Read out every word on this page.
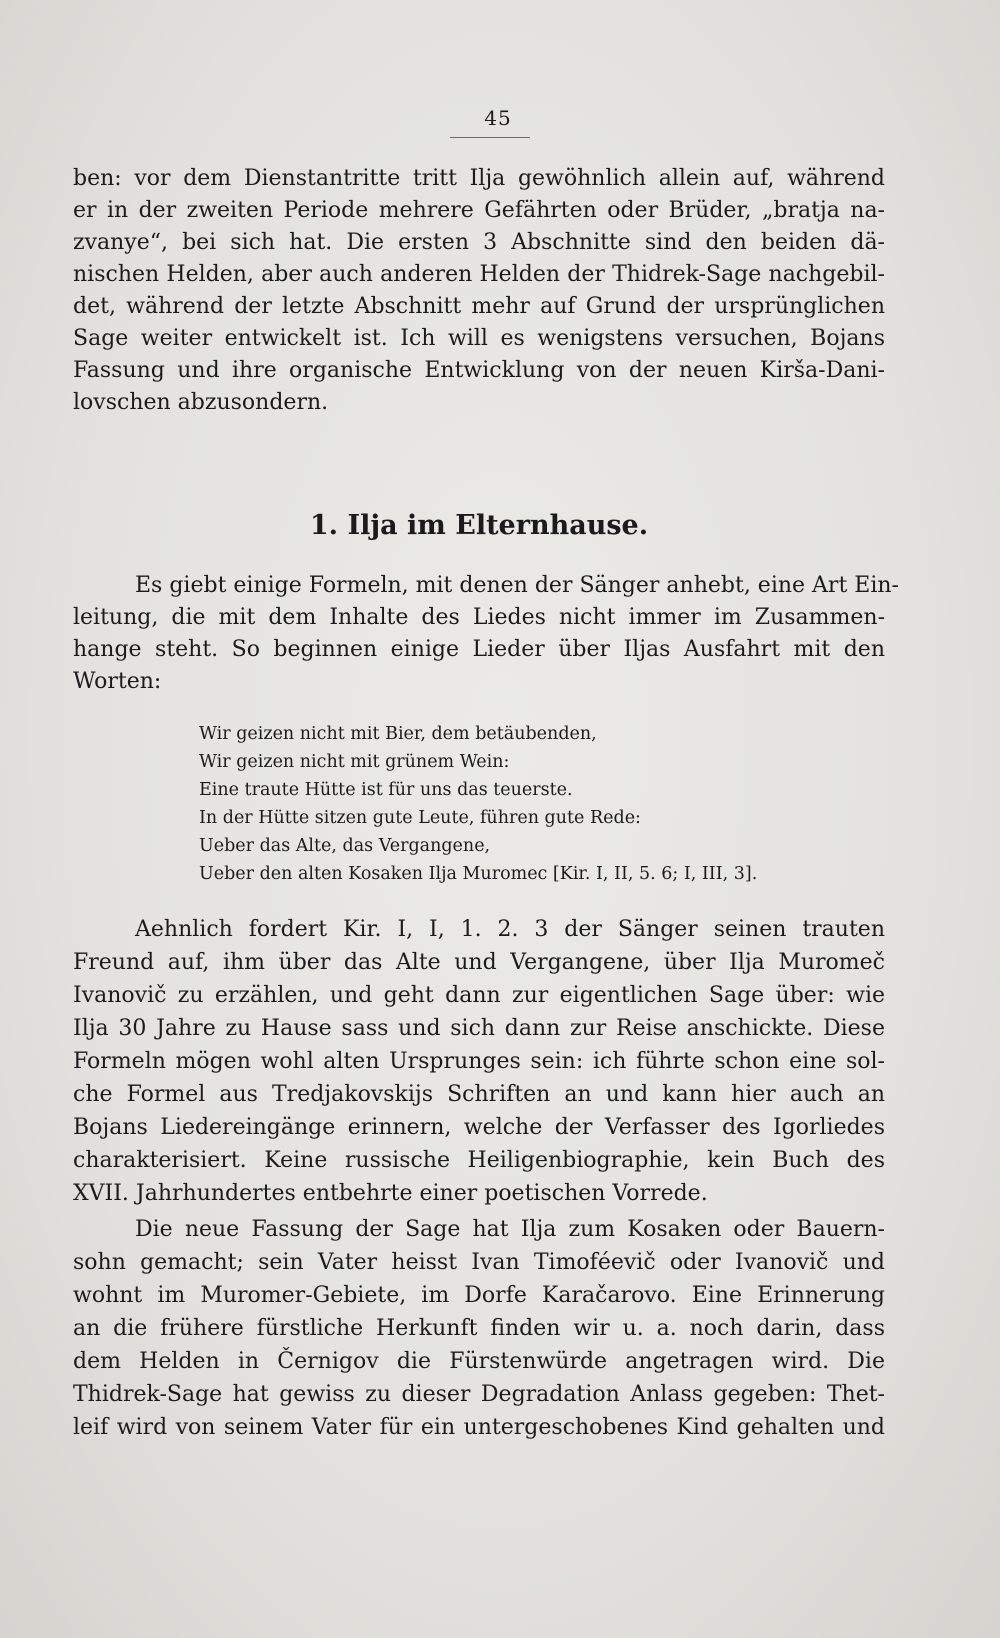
45
ben: vor dem Dienstantritte tritt Ilja gewöhnlich allein auf, während
er in der zweiten Periode mehrere Gefährten oder Brüder, „bratja na-
zvanye“, bei sich hat. Die ersten 3 Abschnitte sind den beiden dä-
nischen Helden, aber auch anderen Helden der Thidrek-Sage nachgebil-
det, während der letzte Abschnitt mehr auf Grund der ursprünglichen
Sage weiter entwickelt ist. Ich will es wenigstens versuchen, Bojans
Fassung und ihre organische Entwicklung von der neuen Kirša-Dani-
lovschen abzusondern.
1. Ilja im Elternhause.
Es giebt einige Formeln, mit denen der Sänger anhebt, eine Art Ein-
leitung, die mit dem Inhalte des Liedes nicht immer im Zusammen-
hange steht. So beginnen einige Lieder über Iljas Ausfahrt mit den
Worten:
Wir geizen nicht mit Bier, dem betäubenden,
Wir geizen nicht mit grünem Wein:
Eine traute Hütte ist für uns das teuerste.
In der Hütte sitzen gute Leute, führen gute Rede:
Ueber das Alte, das Vergangene,
Ueber den alten Kosaken Ilja Muromec [Kir. I, II, 5. 6; I, III, 3].
Aehnlich fordert Kir. I, I, 1. 2. 3 der Sänger seinen trauten
Freund auf, ihm über das Alte und Vergangene, über Ilja Muromeč
Ivanovič zu erzählen, und geht dann zur eigentlichen Sage über: wie
Ilja 30 Jahre zu Hause sass und sich dann zur Reise anschickte. Diese
Formeln mögen wohl alten Ursprunges sein: ich führte schon eine sol-
che Formel aus Tredjakovskijs Schriften an und kann hier auch an
Bojans Liedereingänge erinnern, welche der Verfasser des Igorliedes
charakterisiert. Keine russische Heiligenbiographie, kein Buch des
XVII. Jahrhundertes entbehrte einer poetischen Vorrede.
Die neue Fassung der Sage hat Ilja zum Kosaken oder Bauern-
sohn gemacht; sein Vater heisst Ivan Timoféevič oder Ivanovič und
wohnt im Muromer-Gebiete, im Dorfe Karačarovo. Eine Erinnerung
an die frühere fürstliche Herkunft finden wir u. a. noch darin, dass
dem Helden in Černigov die Fürstenwürde angetragen wird. Die
Thidrek-Sage hat gewiss zu dieser Degradation Anlass gegeben: Thet-
leif wird von seinem Vater für ein untergeschobenes Kind gehalten und
